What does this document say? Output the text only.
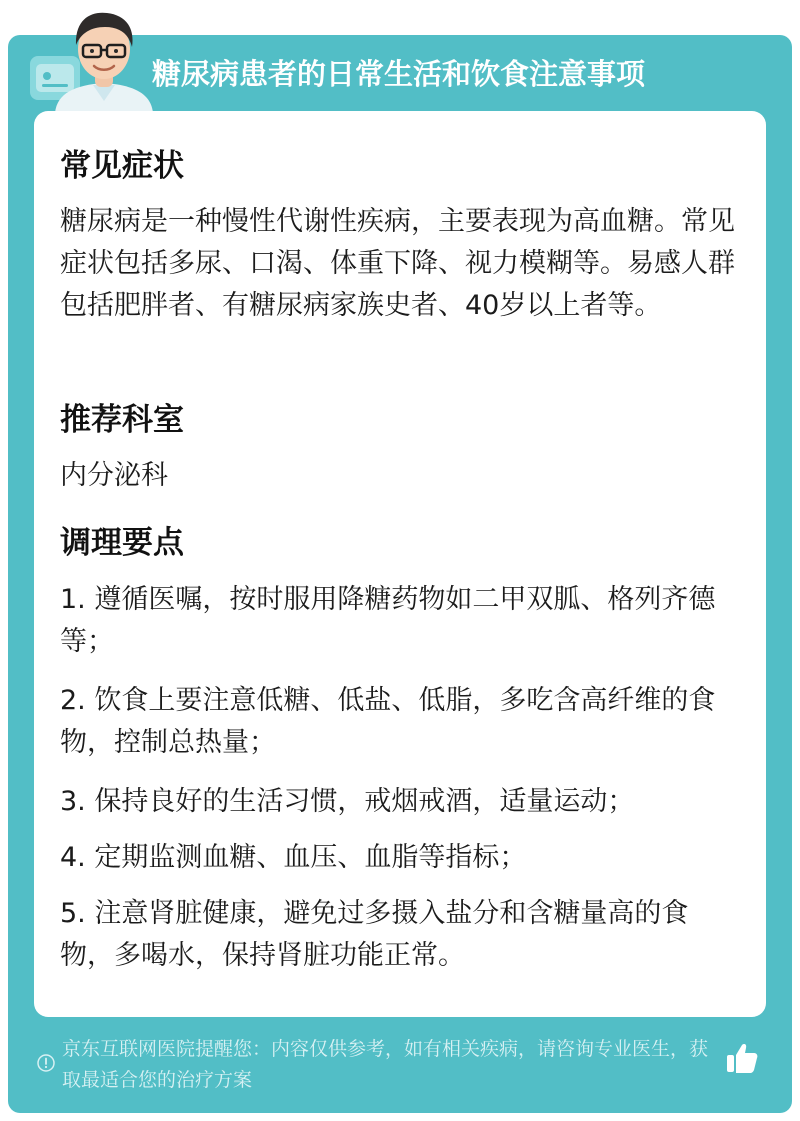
糖尿病患者的日常生活和饮食注意事项
常见症状
糖尿病是一种慢性代谢性疾病，主要表现为高血糖。常见症状包括多尿、口渴、体重下降、视力模糊等。易感人群包括肥胖者、有糖尿病家族史者、40岁以上者等。
推荐科室
内分泌科
调理要点
1. 遵循医嘱，按时服用降糖药物如二甲双胍、格列齐德等；
2. 饮食上要注意低糖、低盐、低脂，多吃含高纤维的食物，控制总热量；
3. 保持良好的生活习惯，戒烟戒酒，适量运动；
4. 定期监测血糖、血压、血脂等指标；
5. 注意肾脏健康，避免过多摄入盐分和含糖量高的食物，多喝水，保持肾脏功能正常。
京东互联网医院提醒您：内容仅供参考，如有相关疾病，请咨询专业医生，获取最适合您的治疗方案
